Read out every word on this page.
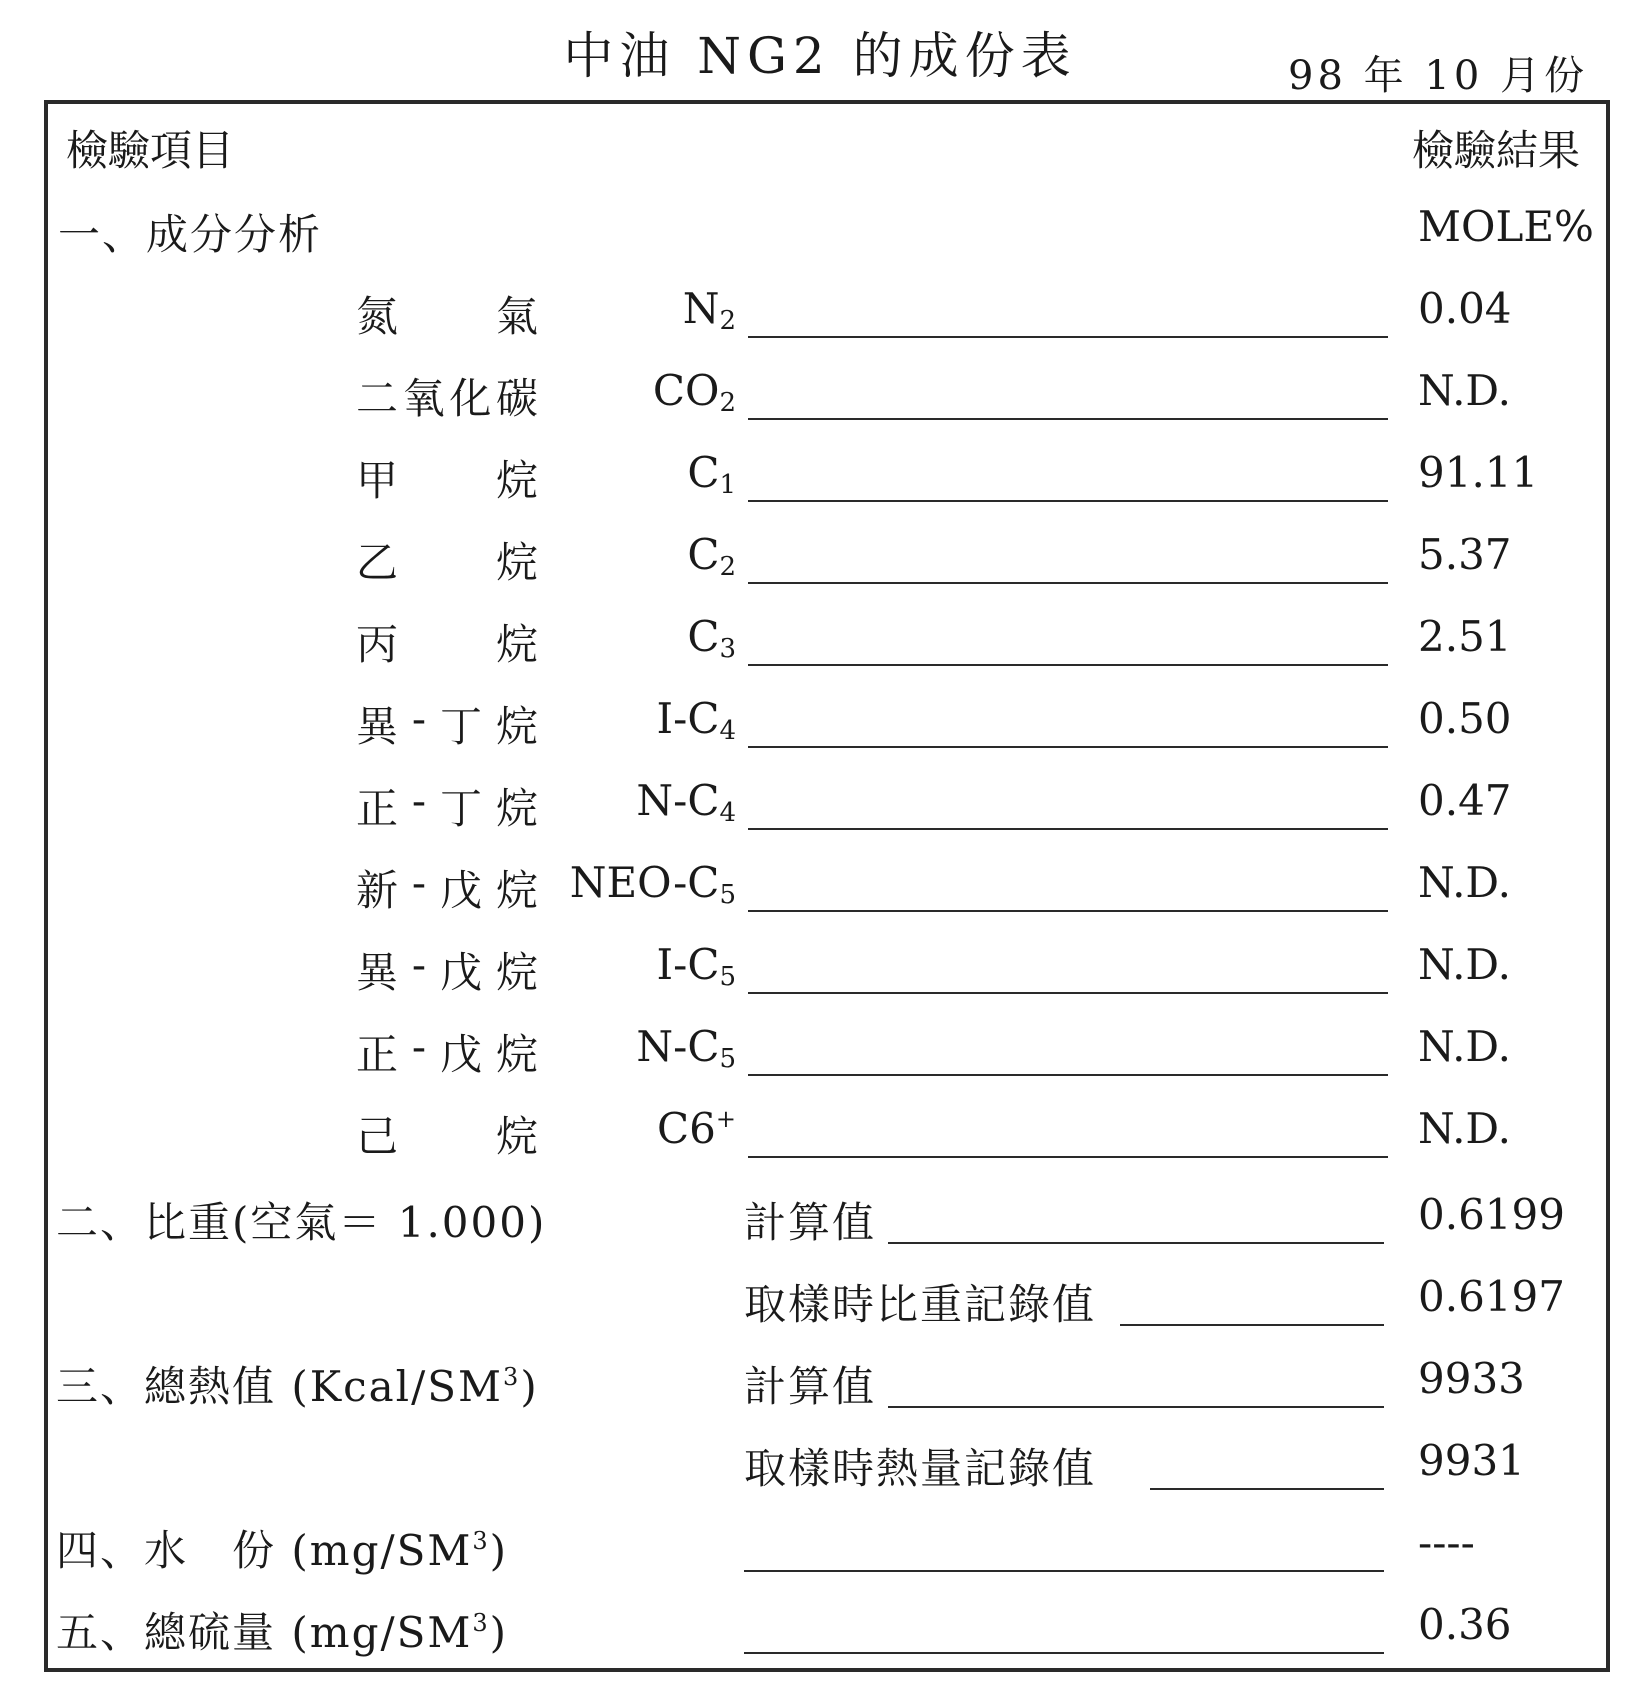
中油 NG2 的成份表	98 年 10 月份
檢驗項目	檢驗結果
一、成分分析	MOLE%
氮 氣	$N_2$	0.04
二 氧 化 碳	$CO_2$	N.D.
甲 烷	$C_1$	91.11
乙 烷	$C_2$	5.37
丙 烷	$C_3$	2.51
異 - 丁 烷	$I-C_4$	0.50
正 - 丁 烷 $N-C_4$	0.47
新 - 戊 烷 NEO-$C_5$	N.D.
異 - 戊 烷	$I-C_5$	N.D.
正 - 戊 烷 $N-C_5$	N.D.
己 烷	C6+	N.D.
二、比重(空氣＝ 1.000)	計算值	0.6199
取樣時比重記錄值	0.6197
三、總熱值 $(Kcal/SM^3)$	計算值	9933
取樣時熱量記錄值	9931
四、水　份 $(mg/SM^3)$	----
五、總硫量 $(mg/SM^3)$	0.36
